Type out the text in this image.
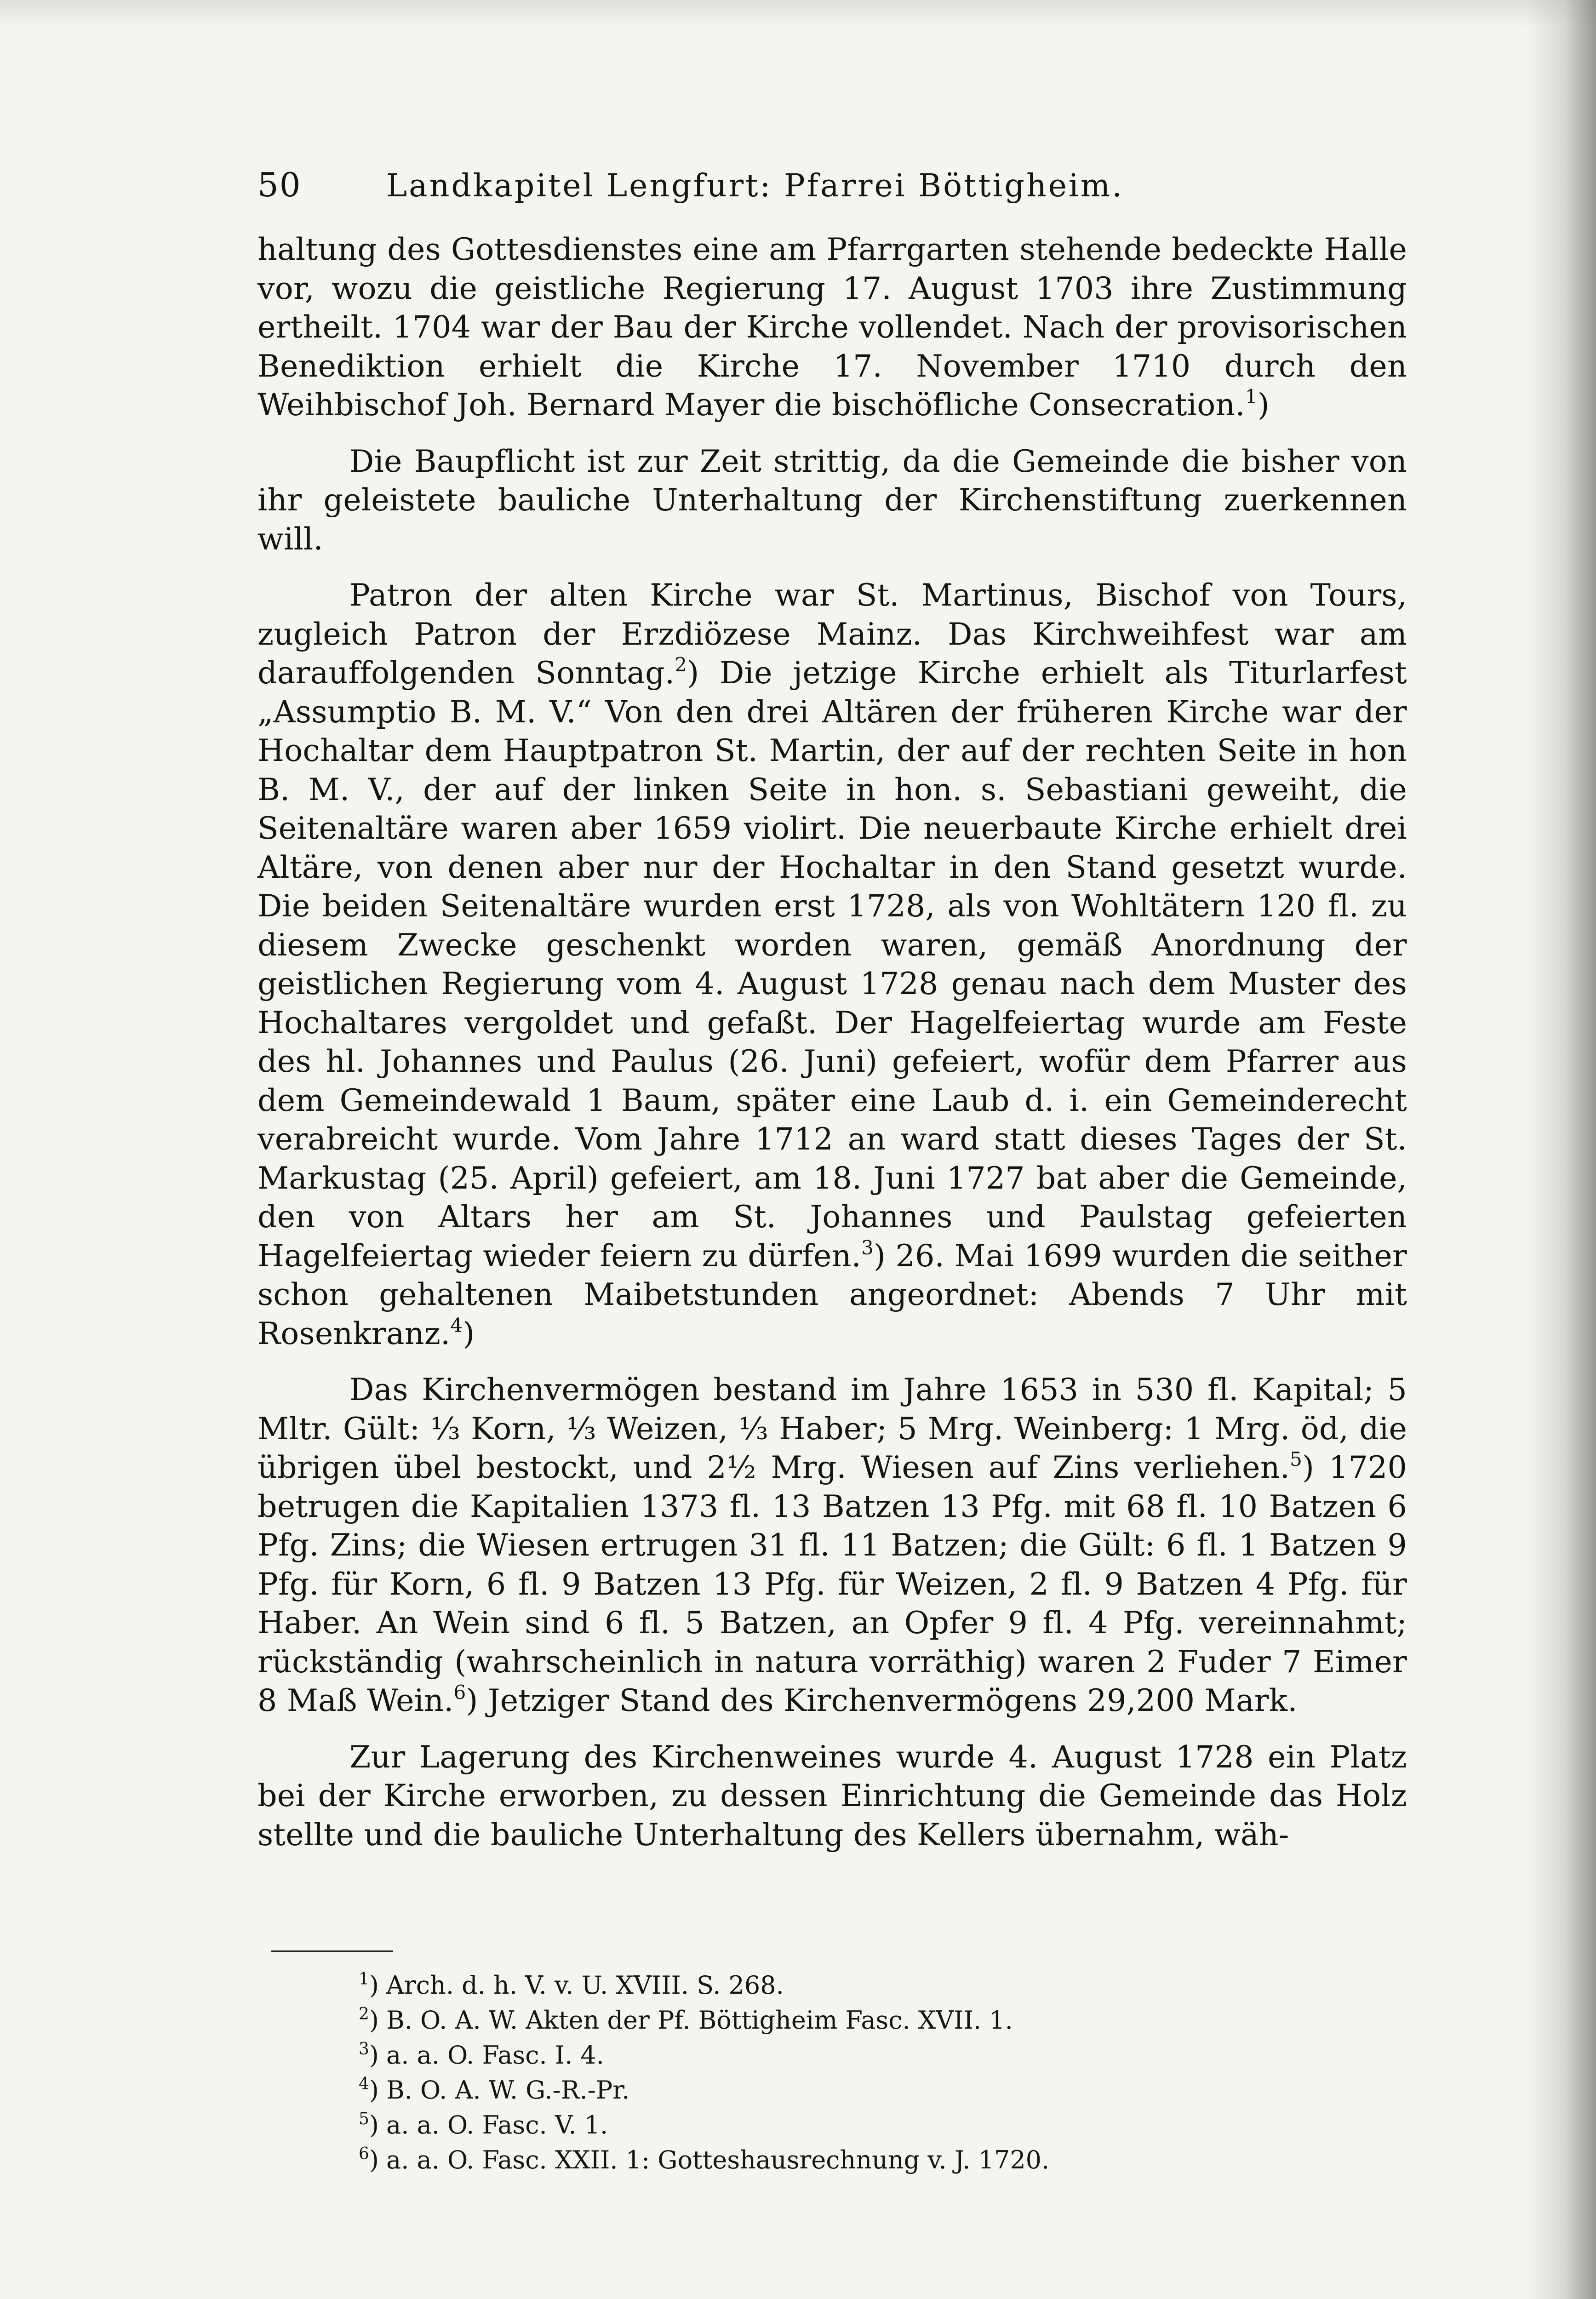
50	Landkapitel Lengfurt: Pfarrei Böttigheim.

haltung des Gottesdienstes eine am Pfarrgarten stehende bedeckte Halle vor, wozu die geistliche Regierung 17. August 1703 ihre Zustimmung ertheilt. 1704 war der Bau der Kirche vollendet. Nach der provisorischen Benediktion erhielt die Kirche 17. November 1710 durch den Weihbischof Joh. Bernard Mayer die bischöfliche Consecration.$^1$)

Die Baupflicht ist zur Zeit strittig, da die Gemeinde die bisher von ihr geleistete bauliche Unterhaltung der Kirchenstiftung zuerkennen will.

Patron der alten Kirche war St. Martinus, Bischof von Tours, zugleich Patron der Erzdiözese Mainz. Das Kirchweihfest war am darauffolgenden Sonntag.$^2$) Die jetzige Kirche erhielt als Titurlarfest „Assumptio B. M. V.“ Von den drei Altären der früheren Kirche war der Hochaltar dem Hauptpatron St. Martin, der auf der rechten Seite in hon B. M. V., der auf der linken Seite in hon. s. Sebastiani geweiht, die Seitenaltäre waren aber 1659 violirt. Die neuerbaute Kirche erhielt drei Altäre, von denen aber nur der Hochaltar in den Stand gesetzt wurde. Die beiden Seitenaltäre wurden erst 1728, als von Wohltätern 120 fl. zu diesem Zwecke geschenkt worden waren, gemäß Anordnung der geistlichen Regierung vom 4. August 1728 genau nach dem Muster des Hochaltares vergoldet und gefaßt. Der Hagelfeiertag wurde am Feste des hl. Johannes und Paulus (26. Juni) gefeiert, wofür dem Pfarrer aus dem Gemeindewald 1 Baum, später eine Laub d. i. ein Gemeinderecht verabreicht wurde. Vom Jahre 1712 an ward statt dieses Tages der St. Markustag (25. April) gefeiert, am 18. Juni 1727 bat aber die Gemeinde, den von Altars her am St. Johannes und Paulstag gefeierten Hagelfeiertag wieder feiern zu dürfen.$^3$) 26. Mai 1699 wurden die seither schon gehaltenen Maibetstunden angeordnet: Abends 7 Uhr mit Rosenkranz.$^4$)

Das Kirchenvermögen bestand im Jahre 1653 in 530 fl. Kapital; 5 Mltr. Gült: ⅓ Korn, ⅓ Weizen, ⅓ Haber; 5 Mrg. Weinberg: 1 Mrg. öd, die übrigen übel bestockt, und 2½ Mrg. Wiesen auf Zins verliehen.$^5$) 1720 betrugen die Kapitalien 1373 fl. 13 Batzen 13 Pfg. mit 68 fl. 10 Batzen 6 Pfg. Zins; die Wiesen ertrugen 31 fl. 11 Batzen; die Gült: 6 fl. 1 Batzen 9 Pfg. für Korn, 6 fl. 9 Batzen 13 Pfg. für Weizen, 2 fl. 9 Batzen 4 Pfg. für Haber. An Wein sind 6 fl. 5 Batzen, an Opfer 9 fl. 4 Pfg. vereinnahmt; rückständig (wahrscheinlich in natura vorräthig) waren 2 Fuder 7 Eimer 8 Maß Wein.$^6$) Jetziger Stand des Kirchenvermögens 29,200 Mark.

Zur Lagerung des Kirchenweines wurde 4. August 1728 ein Platz bei der Kirche erworben, zu dessen Einrichtung die Gemeinde das Holz stellte und die bauliche Unterhaltung des Kellers übernahm, wäh-

$^1$) Arch. d. h. V. v. U. XVIII. S. 268.
$^2$) B. O. A. W. Akten der Pf. Böttigheim Fasc. XVII. 1.
$^3$) a. a. O. Fasc. I. 4.
$^4$) B. O. A. W. G.-R.-Pr.
$^5$) a. a. O. Fasc. V. 1.
$^6$) a. a. O. Fasc. XXII. 1: Gotteshausrechnung v. J. 1720.
